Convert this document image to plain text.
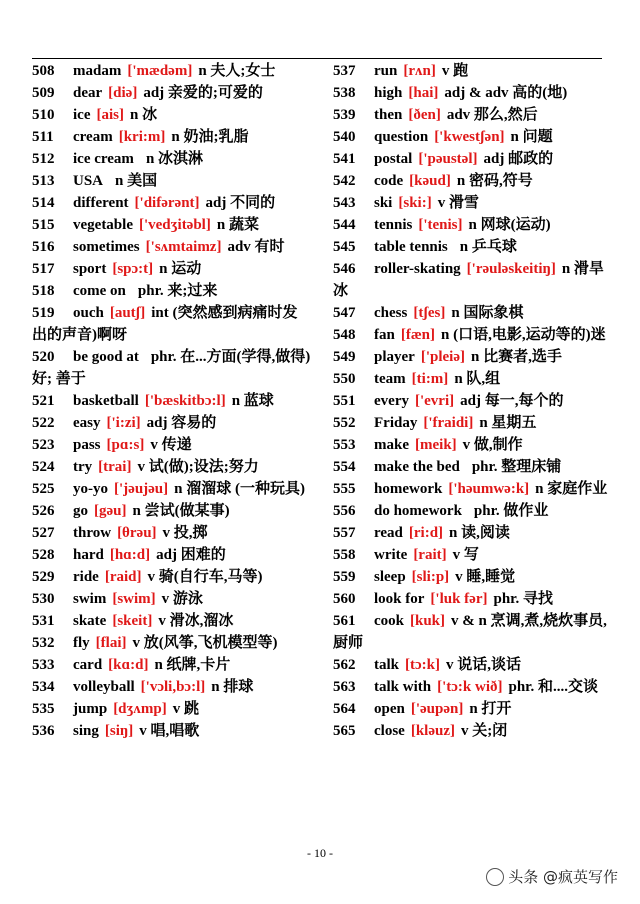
508 madam ['mædəm] n 夫人;女士
509 dear [diə] adj 亲爱的;可爱的
510 ice [ais] n 冰
511 cream [kri:m] n 奶油;乳脂
512 ice cream n 冰淇淋
513 USA n 美国
514 different ['difərənt] adj 不同的
515 vegetable ['vedʒitəbl] n 蔬菜
516 sometimes ['sʌmtaimz] adv 有时
517 sport [spɔ:t] n 运动
518 come on phr. 来;过来
519 ouch [autʃ] int (突然感到病痛时发出的声音)啊呀
520 be good at phr. 在...方面(学得,做得)好; 善于
521 basketball ['bæskitbɔ:l] n 蓝球
522 easy ['i:zi] adj 容易的
523 pass [pɑ:s] v 传递
524 try [trai] v 试(做);设法;努力
525 yo-yo ['jəujəu] n 溜溜球 (一种玩具)
526 go [gəu] n 尝试(做某事)
527 throw [θrəu] v 投,掷
528 hard [hɑ:d] adj 困难的
529 ride [raid] v 骑(自行车,马等)
530 swim [swim] v 游泳
531 skate [skeit] v 滑冰,溜冰
532 fly [flai] v 放(风筝,飞机模型等)
533 card [kɑ:d] n 纸牌,卡片
534 volleyball ['vɔli,bɔ:l] n 排球
535 jump [dʒʌmp] v 跳
536 sing [siŋ] v 唱,唱歌
537 run [rʌn] v 跑
538 high [hai] adj & adv 高的(地)
539 then [ðen] adv 那么,然后
540 question ['kwestʃən] n 问题
541 postal ['pəustəl] adj 邮政的
542 code [kəud] n 密码,符号
543 ski [ski:] v 滑雪
544 tennis ['tenis] n 网球(运动)
545 table tennis n 乒乓球
546 roller-skating ['rəuləskeitiŋ] n 滑旱冰
547 chess [tʃes] n 国际象棋
548 fan [fæn] n (口语,电影,运动等的)迷
549 player ['pleiə] n 比赛者,选手
550 team [ti:m] n 队,组
551 every ['evri] adj 每一,每个的
552 Friday ['fraidi] n 星期五
553 make [meik] v 做,制作
554 make the bed phr. 整理床铺
555 homework ['həumwə:k] n 家庭作业
556 do homework phr. 做作业
557 read [ri:d] n 读,阅读
558 write [rait] v 写
559 sleep [sli:p] v 睡,睡觉
560 look for ['luk fər] phr. 寻找
561 cook [kuk] v & n 烹调,煮,烧炊事员,厨师
562 talk [tɔ:k] v 说话,谈话
563 talk with ['tɔ:k wið] phr. 和....交谈
564 open ['əupən] n 打开
565 close [kləuz] v 关;闭
- 10 -
头条 @疯英写作
